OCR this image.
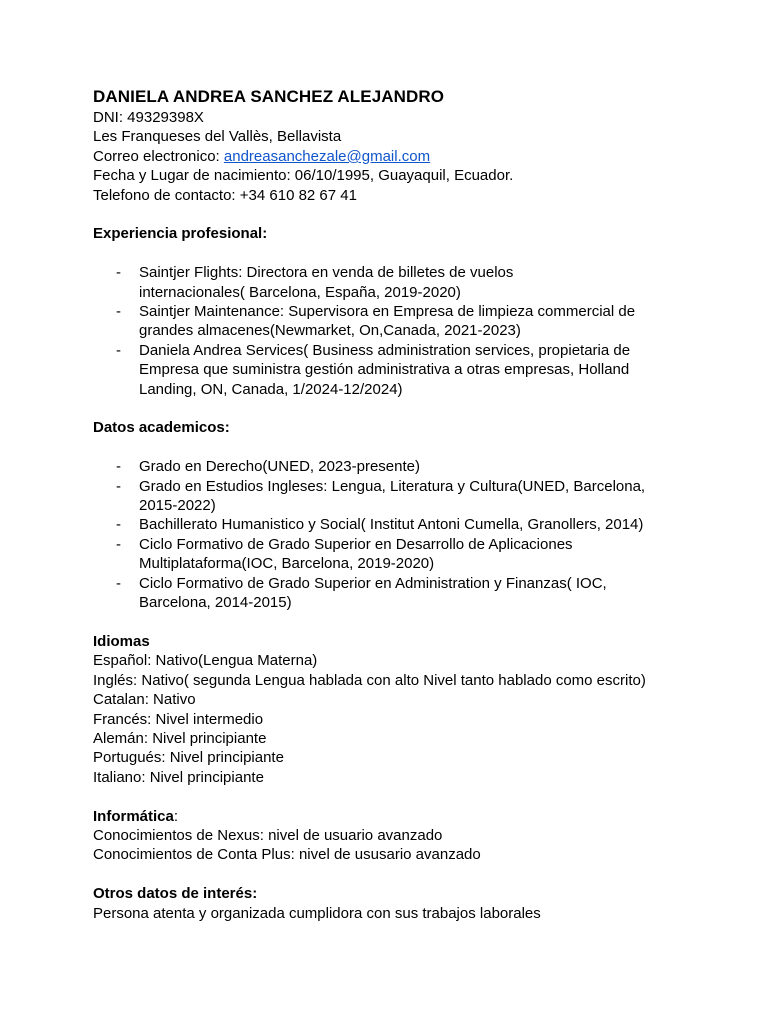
DANIELA ANDREA SANCHEZ ALEJANDRO
DNI: 49329398X
Les Franqueses del Vallès, Bellavista
Correo electronico: andreasanchezale@gmail.com
Fecha y Lugar de nacimiento: 06/10/1995, Guayaquil, Ecuador.
Telefono de contacto: +34 610 82 67 41
Experiencia profesional:
- Saintjer Flights: Directora en venda de billetes de vuelos
internacionales( Barcelona, España, 2019-2020)
- Saintjer Maintenance: Supervisora en Empresa de limpieza commercial de
grandes almacenes(Newmarket, On,Canada, 2021-2023)
- Daniela Andrea Services( Business administration services, propietaria de
Empresa que suministra gestión administrativa a otras empresas, Holland
Landing, ON, Canada, 1/2024-12/2024)
Datos academicos:
- Grado en Derecho(UNED, 2023-presente)
- Grado en Estudios Ingleses: Lengua, Literatura y Cultura(UNED, Barcelona,
2015-2022)
- Bachillerato Humanistico y Social( Institut Antoni Cumella, Granollers, 2014)
- Ciclo Formativo de Grado Superior en Desarrollo de Aplicaciones
Multiplataforma(IOC, Barcelona, 2019-2020)
- Ciclo Formativo de Grado Superior en Administration y Finanzas( IOC,
Barcelona, 2014-2015)
Idiomas
Español: Nativo(Lengua Materna)
Inglés: Nativo( segunda Lengua hablada con alto Nivel tanto hablado como escrito)
Catalan: Nativo
Francés: Nivel intermedio
Alemán: Nivel principiante
Portugués: Nivel principiante
Italiano: Nivel principiante
Informática:
Conocimientos de Nexus: nivel de usuario avanzado
Conocimientos de Conta Plus: nivel de ususario avanzado
Otros datos de interés:
Persona atenta y organizada cumplidora con sus trabajos laborales
